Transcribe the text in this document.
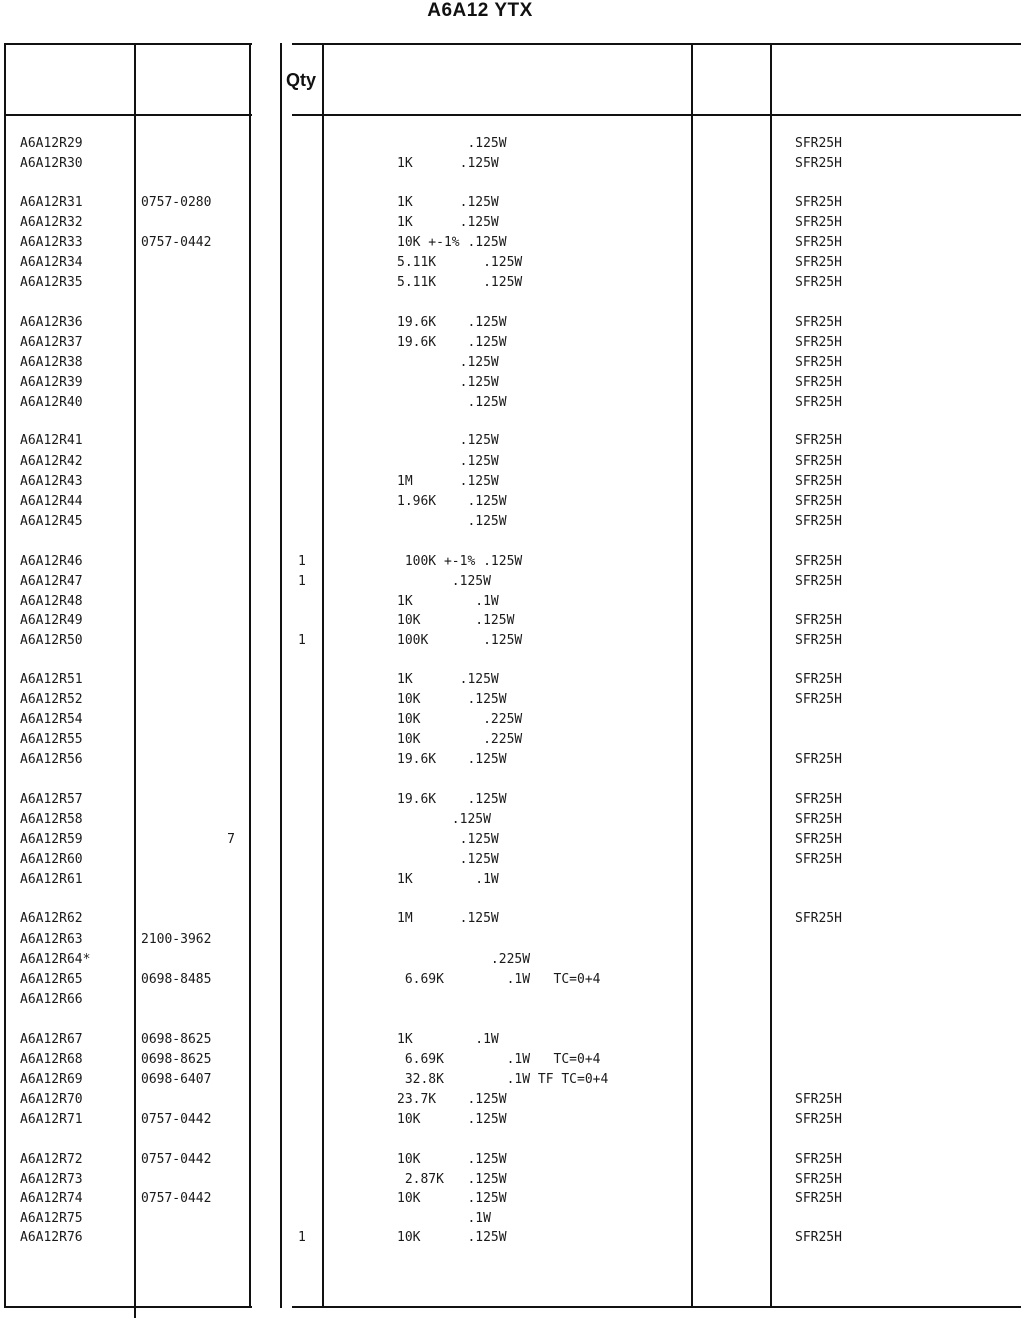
A6A12 YTX
Qty
A6A12R29	.125W	SFR25H
A6A12R30	1K      .125W	SFR25H
A6A12R31	0757-0280	1K      .125W	SFR25H
A6A12R32	1K      .125W	SFR25H
A6A12R33	0757-0442	10K +-1% .125W	SFR25H
A6A12R34	5.11K      .125W	SFR25H
A6A12R35	5.11K      .125W	SFR25H
A6A12R36	19.6K    .125W	SFR25H
A6A12R37	19.6K    .125W	SFR25H
A6A12R38	.125W	SFR25H
A6A12R39	.125W	SFR25H
A6A12R40	.125W	SFR25H
A6A12R41	.125W	SFR25H
A6A12R42	.125W	SFR25H
A6A12R43	1M      .125W	SFR25H
A6A12R44	1.96K    .125W	SFR25H
A6A12R45	.125W	SFR25H
A6A12R46	1	100K +-1% .125W	SFR25H
A6A12R47	1	.125W	SFR25H
A6A12R48	1K        .1W
A6A12R49	10K       .125W	SFR25H
A6A12R50	1	100K       .125W	SFR25H
A6A12R51	1K      .125W	SFR25H
A6A12R52	10K      .125W	SFR25H
A6A12R54	10K        .225W
A6A12R55	10K        .225W
A6A12R56	19.6K    .125W	SFR25H
A6A12R57	19.6K    .125W	SFR25H
A6A12R58	.125W	SFR25H
A6A12R59	7	.125W	SFR25H
A6A12R60	.125W	SFR25H
A6A12R61	1K        .1W
A6A12R62	1M      .125W	SFR25H
A6A12R63	2100-3962
A6A12R64*	.225W
A6A12R65	0698-8485	6.69K        .1W   TC=0+4
A6A12R66
A6A12R67	0698-8625	1K        .1W
A6A12R68	0698-8625	6.69K        .1W   TC=0+4
A6A12R69	0698-6407	32.8K        .1W TF TC=0+4
A6A12R70	23.7K    .125W	SFR25H
A6A12R71	0757-0442	10K      .125W	SFR25H
A6A12R72	0757-0442	10K      .125W	SFR25H
A6A12R73	2.87K   .125W	SFR25H
A6A12R74	0757-0442	10K      .125W	SFR25H
A6A12R75	.1W
A6A12R76	1	10K      .125W	SFR25H
